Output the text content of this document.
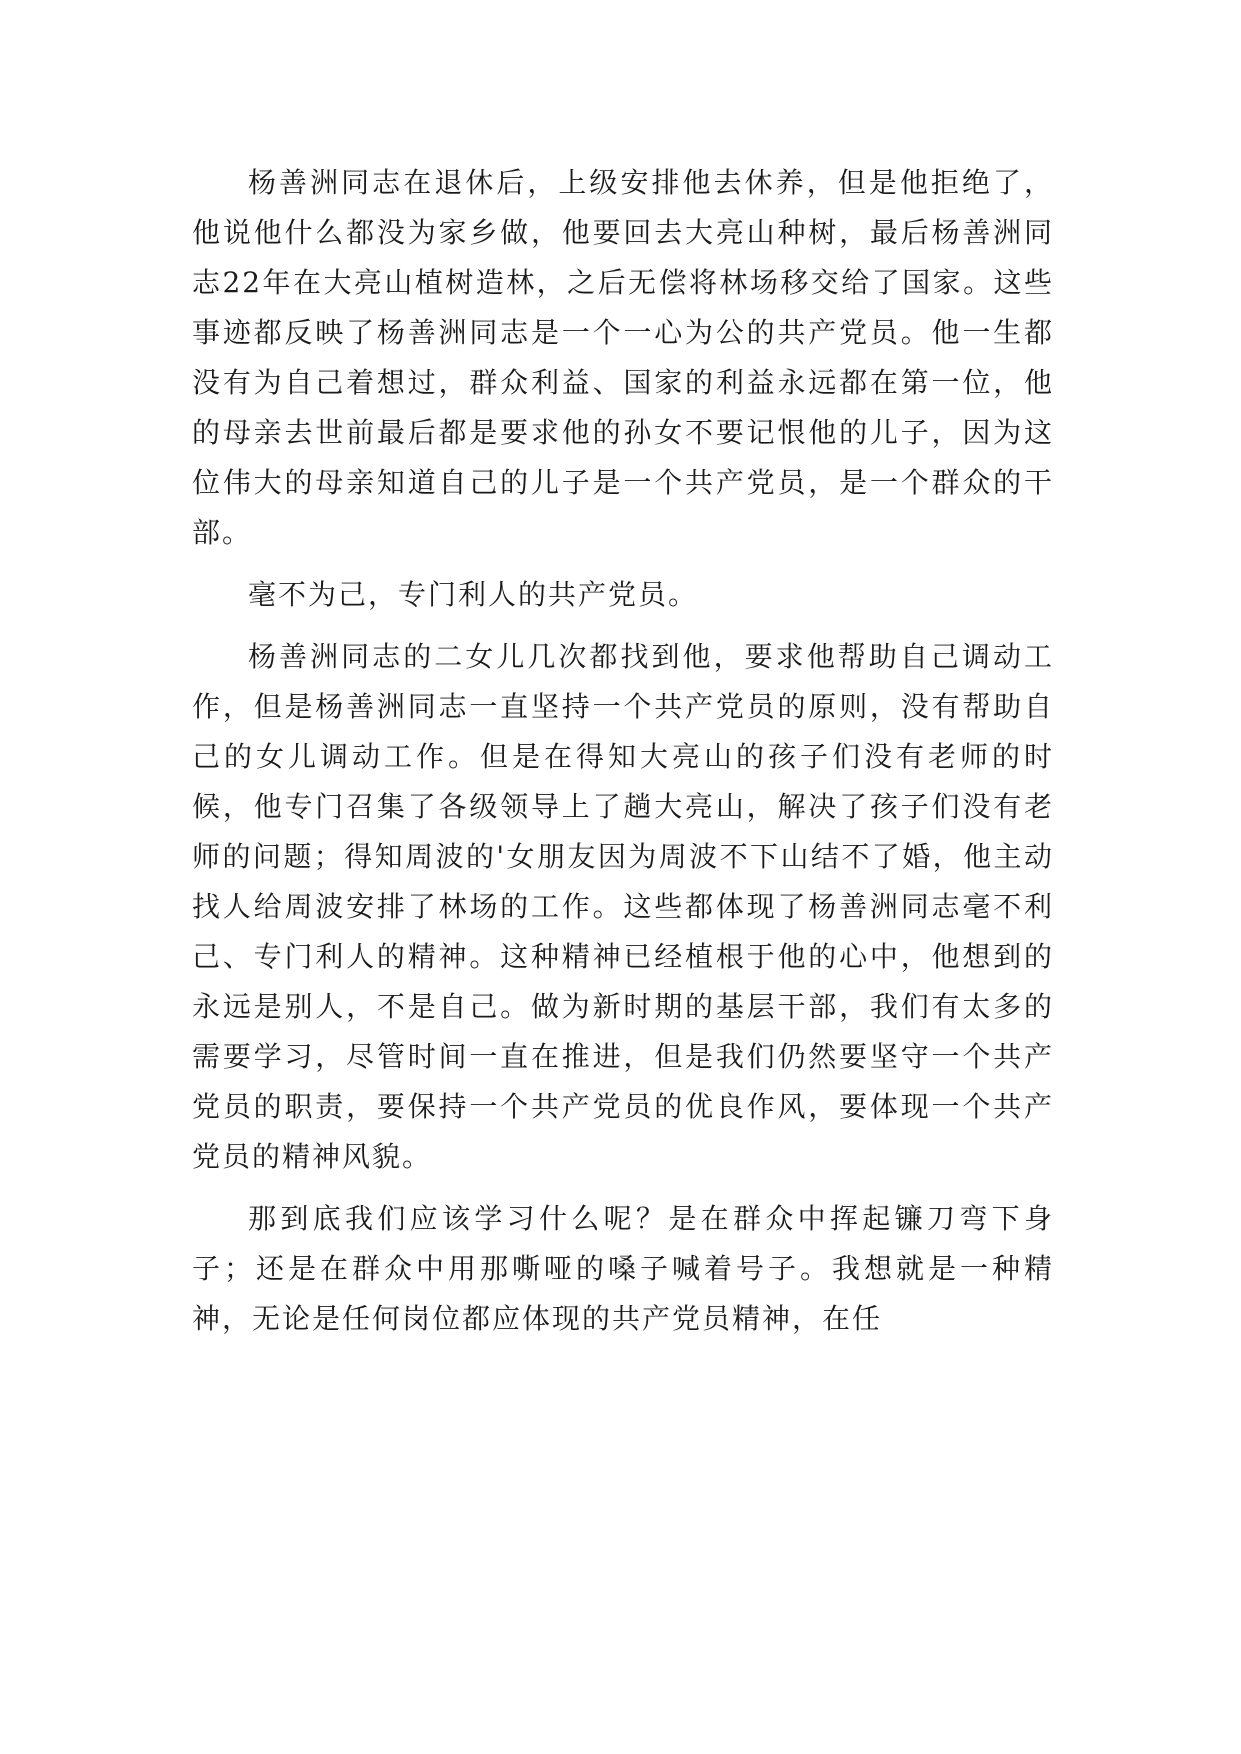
杨善洲同志在退休后，上级安排他去休养，但是他拒绝了，他说他什么都没为家乡做，他要回去大亮山种树，最后杨善洲同志22年在大亮山植树造林，之后无偿将林场移交给了国家。这些事迹都反映了杨善洲同志是一个一心为公的共产党员。他一生都没有为自己着想过，群众利益、国家的利益永远都在第一位，他的母亲去世前最后都是要求他的孙女不要记恨他的儿子，因为这位伟大的母亲知道自己的儿子是一个共产党员，是一个群众的干部。

毫不为己，专门利人的共产党员。

杨善洲同志的二女儿几次都找到他，要求他帮助自己调动工作，但是杨善洲同志一直坚持一个共产党员的原则，没有帮助自己的女儿调动工作。但是在得知大亮山的孩子们没有老师的时候，他专门召集了各级领导上了趟大亮山，解决了孩子们没有老师的问题；得知周波的'女朋友因为周波不下山结不了婚，他主动找人给周波安排了林场的工作。这些都体现了杨善洲同志毫不利己、专门利人的精神。这种精神已经植根于他的心中，他想到的永远是别人，不是自己。做为新时期的基层干部，我们有太多的需要学习，尽管时间一直在推进，但是我们仍然要坚守一个共产党员的职责，要保持一个共产党员的优良作风，要体现一个共产党员的精神风貌。

那到底我们应该学习什么呢？是在群众中挥起镰刀弯下身子；还是在群众中用那嘶哑的嗓子喊着号子。我想就是一种精神，无论是任何岗位都应体现的共产党员精神，在任
